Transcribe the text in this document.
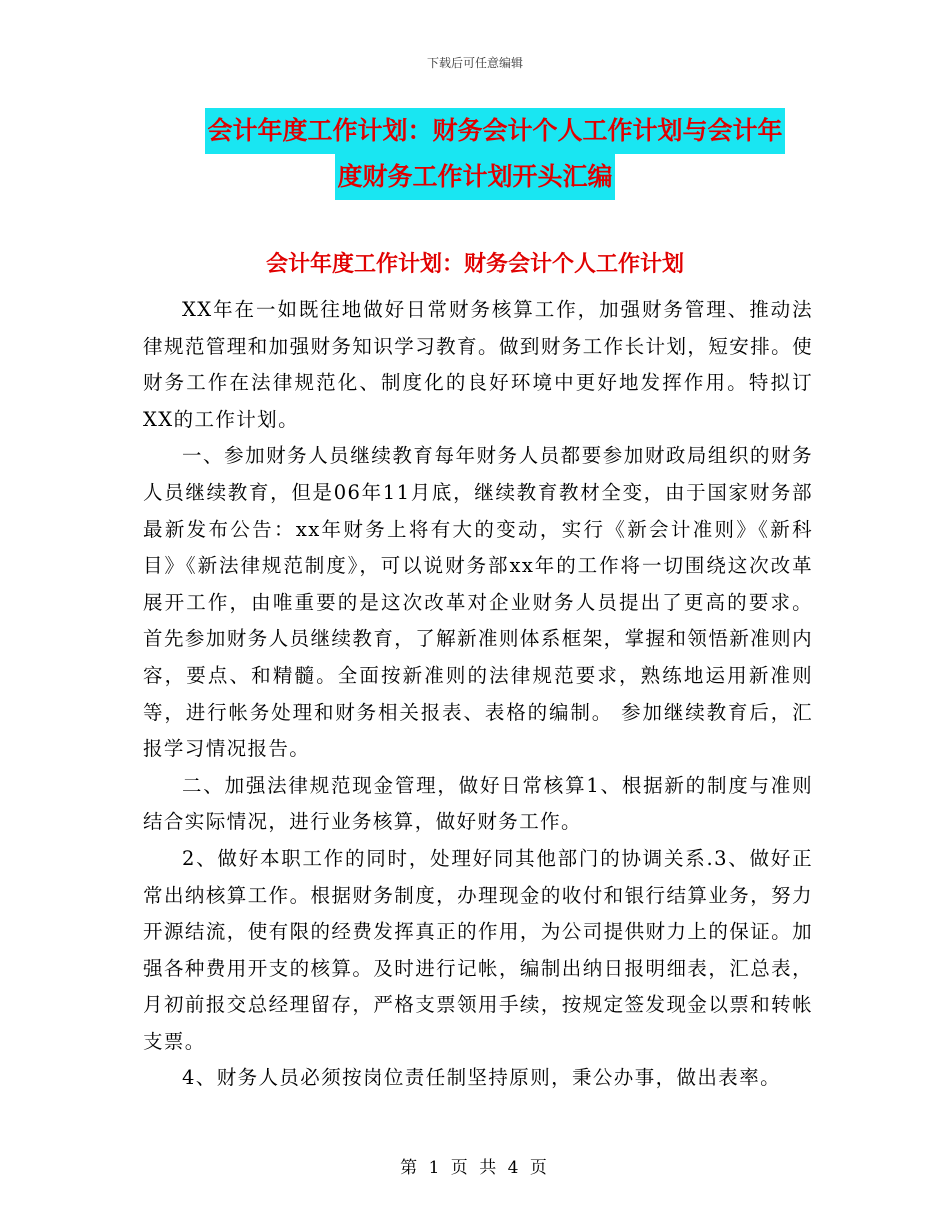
下载后可任意编辑
会计年度工作计划：财务会计个人工作计划与会计年
度财务工作计划开头汇编
会计年度工作计划：财务会计个人工作计划

XX年在一如既往地做好日常财务核算工作，加强财务管理、推动法律规范管理和加强财务知识学习教育。做到财务工作长计划，短安排。使财务工作在法律规范化、制度化的良好环境中更好地发挥作用。特拟订XX的工作计划。

一、参加财务人员继续教育每年财务人员都要参加财政局组织的财务人员继续教育，但是06年11月底，继续教育教材全变，由于国家财务部最新发布公告：xx年财务上将有大的变动，实行《新会计准则》《新科目》《新法律规范制度》，可以说财务部xx年的工作将一切围绕这次改革展开工作，由唯重要的是这次改革对企业财务人员提出了更高的要求。 首先参加财务人员继续教育，了解新准则体系框架，掌握和领悟新准则内容，要点、和精髓。全面按新准则的法律规范要求，熟练地运用新准则等，进行帐务处理和财务相关报表、表格的编制。 参加继续教育后，汇报学习情况报告。

二、加强法律规范现金管理，做好日常核算1、根据新的制度与准则结合实际情况，进行业务核算，做好财务工作。

2、做好本职工作的同时，处理好同其他部门的协调关系.3、做好正常出纳核算工作。根据财务制度，办理现金的收付和银行结算业务，努力开源结流，使有限的经费发挥真正的作用，为公司提供财力上的保证。加强各种费用开支的核算。及时进行记帐，编制出纳日报明细表，汇总表，月初前报交总经理留存，严格支票领用手续，按规定签发现金以票和转帐支票。

4、财务人员必须按岗位责任制坚持原则，秉公办事，做出表率。

第 1 页 共 4 页
